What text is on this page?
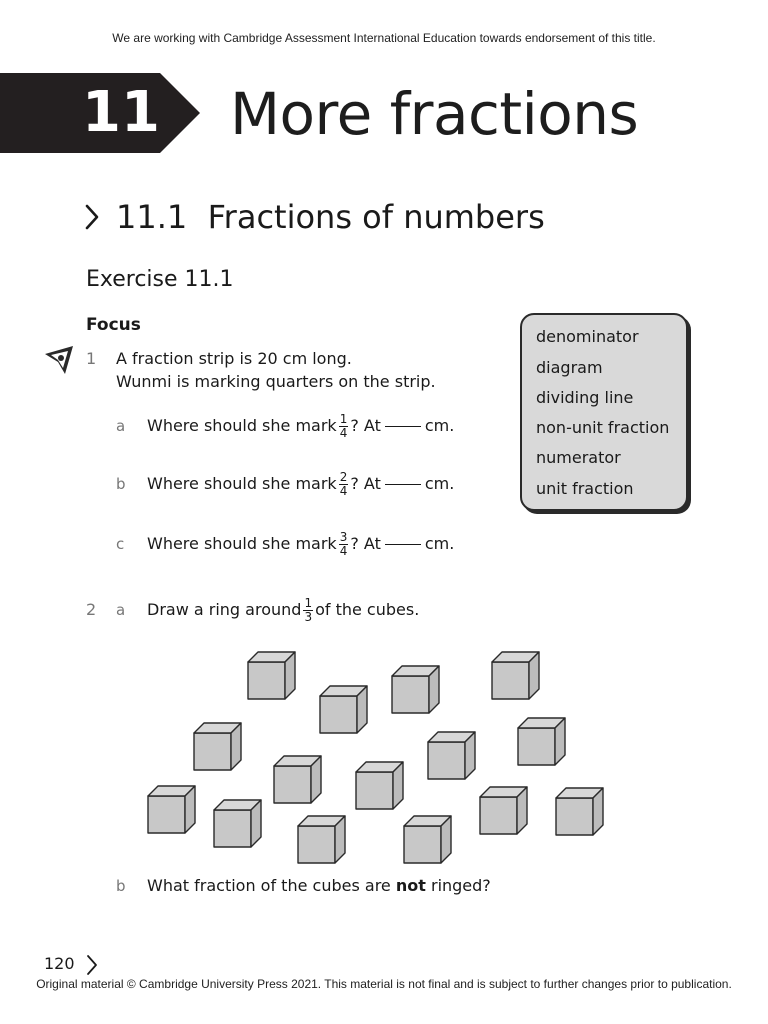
We are working with Cambridge Assessment International Education towards endorsement of this title.
11 More fractions
11.1  Fractions of numbers
Exercise 11.1
Focus
1 A fraction strip is 20 cm long.
Wunmi is marking quarters on the strip.
a	Where should she mark $\frac{1}{4}$ ? At	cm.
b	Where should she mark $\frac{2}{4}$ ? At	cm.
c	Where should she mark $\frac{3}{4}$ ? At	cm.
denominator
diagram
dividing line
non-unit fraction
numerator
unit fraction
2	a	Draw a ring around $\frac{1}{3}$ of the cubes.
b	What fraction of the cubes are
not
ringed?
120
Original material © Cambridge University Press 2021. This material is not final and is subject to further changes prior to publication.
